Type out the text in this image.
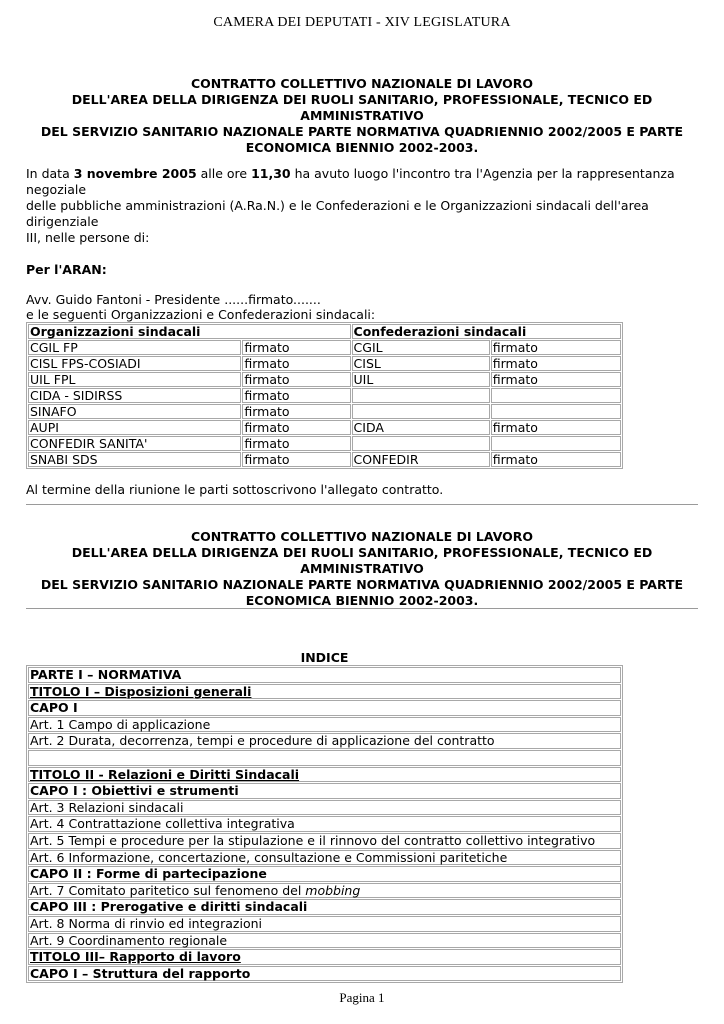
CAMERA DEI DEPUTATI - XIV LEGISLATURA
CONTRATTO COLLETTIVO NAZIONALE DI LAVORO
DELL'AREA DELLA DIRIGENZA DEI RUOLI SANITARIO, PROFESSIONALE, TECNICO ED
AMMINISTRATIVO
DEL SERVIZIO SANITARIO NAZIONALE PARTE NORMATIVA QUADRIENNIO 2002/2005 E PARTE
ECONOMICA BIENNIO 2002-2003.
In data 3 novembre 2005 alle ore 11,30 ha avuto luogo l'incontro tra l'Agenzia per la rappresentanza negoziale
delle pubbliche amministrazioni (A.Ra.N.) e le Confederazioni e le Organizzazioni sindacali dell'area dirigenziale
III, nelle persone di:
Per l'ARAN:
Avv. Guido Fantoni - Presidente ......firmato.......
e le seguenti Organizzazioni e Confederazioni sindacali:
Organizzazioni sindacali		Confederazioni sindacali	
CGIL FP	firmato	CGIL	firmato
CISL FPS-COSIADI	firmato	CISL	firmato
UIL FPL	firmato	UIL	firmato
CIDA - SIDIRSS	firmato		
SINAFO	firmato		
AUPI	firmato	CIDA	firmato
CONFEDIR SANITA'	firmato		
SNABI SDS	firmato	CONFEDIR	firmato
Al termine della riunione le parti sottoscrivono l'allegato contratto.
CONTRATTO COLLETTIVO NAZIONALE DI LAVORO
DELL'AREA DELLA DIRIGENZA DEI RUOLI SANITARIO, PROFESSIONALE, TECNICO ED
AMMINISTRATIVO
DEL SERVIZIO SANITARIO NAZIONALE PARTE NORMATIVA QUADRIENNIO 2002/2005 E PARTE
ECONOMICA BIENNIO 2002-2003.
INDICE
PARTE I – NORMATIVA
TITOLO I – Disposizioni generali
CAPO I
Art. 1 Campo di applicazione
Art. 2 Durata, decorrenza, tempi e procedure di applicazione del contratto

TITOLO II - Relazioni e Diritti Sindacali
CAPO I : Obiettivi e strumenti
Art. 3 Relazioni sindacali
Art. 4 Contrattazione collettiva integrativa
Art. 5 Tempi e procedure per la stipulazione e il rinnovo del contratto collettivo integrativo
Art. 6 Informazione, concertazione, consultazione e Commissioni paritetiche
CAPO II : Forme di partecipazione
Art. 7 Comitato paritetico sul fenomeno del mobbing
CAPO III : Prerogative e diritti sindacali
Art. 8 Norma di rinvio ed integrazioni
Art. 9 Coordinamento regionale
TITOLO III– Rapporto di lavoro
CAPO I – Struttura del rapporto
Pagina 1
